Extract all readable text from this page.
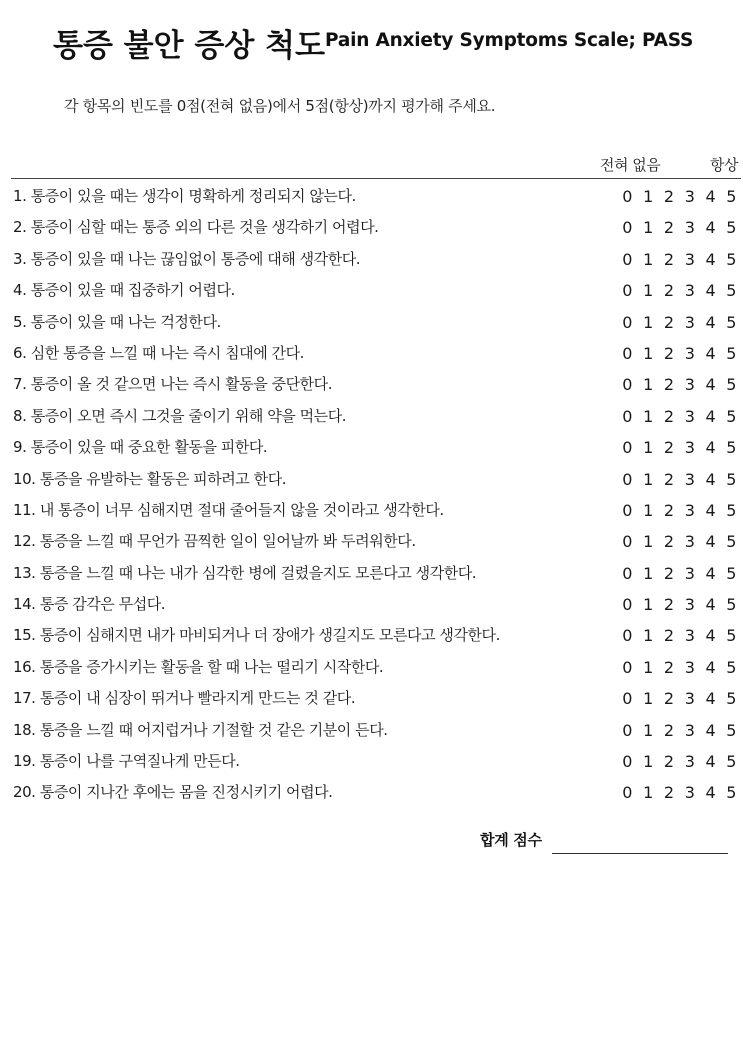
통증 불안 증상 척도 Pain Anxiety Symptoms Scale; PASS
각 항목의 빈도를 0점(전혀 없음)에서 5점(항상)까지 평가해 주세요.
전혀 없음	항상
1. 통증이 있을 때는 생각이 명확하게 정리되지 않는다.	0 1 2 3 4 5
2. 통증이 심할 때는 통증 외의 다른 것을 생각하기 어렵다.	0 1 2 3 4 5
3. 통증이 있을 때 나는 끊임없이 통증에 대해 생각한다.	0 1 2 3 4 5
4. 통증이 있을 때 집중하기 어렵다.	0 1 2 3 4 5
5. 통증이 있을 때 나는 걱정한다.	0 1 2 3 4 5
6. 심한 통증을 느낄 때 나는 즉시 침대에 간다.	0 1 2 3 4 5
7. 통증이 올 것 같으면 나는 즉시 활동을 중단한다.	0 1 2 3 4 5
8. 통증이 오면 즉시 그것을 줄이기 위해 약을 먹는다.	0 1 2 3 4 5
9. 통증이 있을 때 중요한 활동을 피한다.	0 1 2 3 4 5
10. 통증을 유발하는 활동은 피하려고 한다.	0 1 2 3 4 5
11. 내 통증이 너무 심해지면 절대 줄어들지 않을 것이라고 생각한다.	0 1 2 3 4 5
12. 통증을 느낄 때 무언가 끔찍한 일이 일어날까 봐 두려워한다.	0 1 2 3 4 5
13. 통증을 느낄 때 나는 내가 심각한 병에 걸렸을지도 모른다고 생각한다.	0 1 2 3 4 5
14. 통증 감각은 무섭다.	0 1 2 3 4 5
15. 통증이 심해지면 내가 마비되거나 더 장애가 생길지도 모른다고 생각한다.	0 1 2 3 4 5
16. 통증을 증가시키는 활동을 할 때 나는 떨리기 시작한다.	0 1 2 3 4 5
17. 통증이 내 심장이 뛰거나 빨라지게 만드는 것 같다.	0 1 2 3 4 5
18. 통증을 느낄 때 어지럽거나 기절할 것 같은 기분이 든다.	0 1 2 3 4 5
19. 통증이 나를 구역질나게 만든다.	0 1 2 3 4 5
20. 통증이 지나간 후에는 몸을 진정시키기 어렵다.	0 1 2 3 4 5
합계 점수
